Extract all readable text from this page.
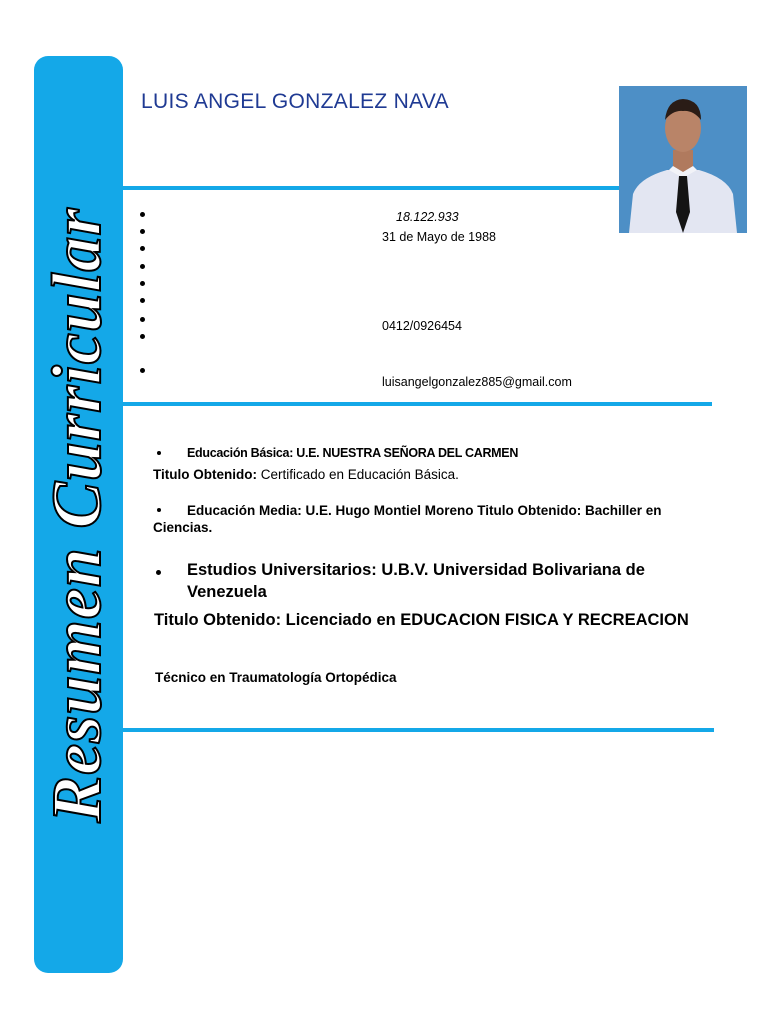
Resumen Curricular
LUIS ANGEL GONZALEZ NAVA
18.122.933
31 de Mayo de 1988
0412/0926454
luisangelgonzalez885@gmail.com
Educación Básica: U.E. NUESTRA SEÑORA DEL CARMEN
Titulo Obtenido: Certificado en Educación Básica.
Educación Media: U.E. Hugo Montiel Moreno Titulo Obtenido: Bachiller en
Ciencias.
Estudios Universitarios: U.B.V. Universidad Bolivariana de
Venezuela
Titulo Obtenido: Licenciado en EDUCACION FISICA Y RECREACION
Técnico en Traumatología Ortopédica
